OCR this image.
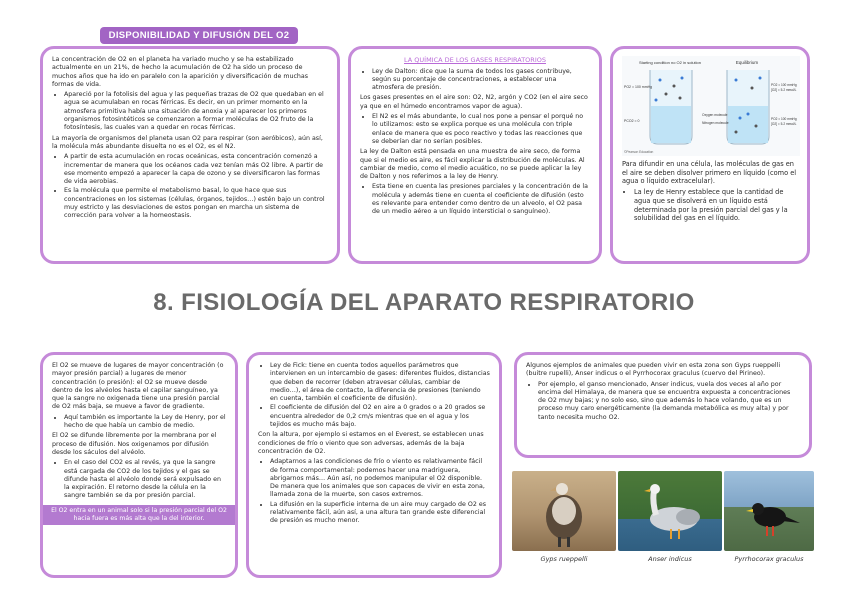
DISPONIBILIDAD Y DIFUSIÓN DEL O2

La concentración de O2 en el planeta ha variado mucho y se ha estabilizado actualmente en un 21%, de hecho la acumulación de O2 ha sido un proceso de muchos años que ha ido en paralelo con la aparición y diversificación de muchas formas de vida.

• Apareció por la fotolisis del agua y las pequeñas trazas de O2 que quedaban en el agua se acumulaban en rocas férricas. Es decir, en un primer momento en la atmosfera primitiva había una situación de anoxia y al aparecer los primeros organismos fotosintéticos se comenzaron a formar moléculas de O2 fruto de la fotosíntesis, las cuales van a quedar en rocas férricas.

La mayoría de organismos del planeta usan O2 para respirar (son aeróbicos), aún así, la molécula más abundante disuelta no es el O2, es el N2.

• A partir de esta acumulación en rocas oceánicas, esta concentración comenzó a incrementar de manera que los océanos cada vez tenían más O2 libre. A partir de ese momento empezó a aparecer la capa de ozono y se diversificaron las formas de vida aerobias.
• Es la molécula que permite el metabolismo basal, lo que hace que sus concentraciones en los sistemas (células, órganos, tejidos…) estén bajo un control muy estricto y las desviaciones de estos pongan en marcha un sistema de corrección para volver a la homeostasis.
LA QUÍMICA DE LOS GASES RESPIRATORIOS
• Ley de Dalton: dice que la suma de todos los gases contribuye, según su porcentaje de concentraciones, a establecer una atmosfera de presión.

Los gases presentes en el aire son: O2, N2, argón y CO2 (en el aire seco ya que en el húmedo encontramos vapor de agua).

• El N2 es el más abundante, lo cual nos pone a pensar el porqué no lo utilizamos: esto se explica porque es una molécula con triple enlace de manera que es poco reactivo y todas las reacciones que se deberían dar no serían posibles.

La ley de Dalton está pensada en una muestra de aire seco, de forma que si el medio es aire, es fácil explicar la distribución de moléculas. Al cambiar de medio, como el medio acuático, no se puede aplicar la ley de Dalton y nos referimos a la ley de Henry.

• Esta tiene en cuenta las presiones parciales y la concentración de la molécula y además tiene en cuenta el coeficiente de difusión (esto es relevante para entender como dentro de un alveolo, el O2 pasa de un medio aéreo a un líquido intersticial o sanguíneo).
Starting condition no O2 in solution	Equilibrium
PO2 = 100 mmHg
PCO2 = 0
PO2 = 100 mmHg
[O2] = 5.2 mmol/L
PO2 = 100 mmHg
[O2] = 5.2 mmol/L
Oxygen molecule
Nitrogen molecule
©Pearson Education

Para difundir en una célula, las moléculas de gas en el aire se deben disolver primero en líquido (como el agua o líquido extracelular).

• La ley de Henry establece que la cantidad de agua que se disolverá en un líquido está determinada por la presión parcial del gas y la solubilidad del gas en el líquido.
8. FISIOLOGÍA DEL APARATO RESPIRATORIO

El O2 se mueve de lugares de mayor concentración (o mayor presión parcial) a lugares de menor concentración (o presión): el O2 se mueve desde dentro de los alvéolos hasta el capilar sanguíneo, ya que la sangre no oxigenada tiene una presión parcial de O2 más baja, se mueve a favor de gradiente.

• Aquí también es importante la Ley de Henry, por el hecho de que había un cambio de medio.

El O2 se difunde libremente por la membrana por el proceso de difusión. Nos oxigenamos por difusión desde los sáculos del alvéolo.

• En el caso del CO2 es al revés, ya que la sangre está cargada de CO2 de los tejidos y el gas se difunde hasta el alvéolo donde será expulsado en la expiración. El retorno desde la célula en la sangre también se da por presión parcial.
El O2 entra en un animal solo si la presión parcial del O2 hacia fuera es más alta que la del interior.
• Ley de Fick: tiene en cuenta todos aquellos parámetros que intervienen en un intercambio de gases: diferentes fluidos, distancias que deben de recorrer (deben atravesar células, cambiar de medio…), el área de contacto, la diferencia de presiones (teniendo en cuenta, también el coeficiente de difusión).
• El coeficiente de difusión del O2 en aire a 0 grados o a 20 grados se encuentra alrededor de 0,2 cm/s mientras que en el agua y los tejidos es mucho más bajo.

Con la altura, por ejemplo si estamos en el Everest, se establecen unas condiciones de frío o viento que son adversas, además de la baja concentración de O2.

• Adaptarnos a las condiciones de frío o viento es relativamente fácil de forma comportamental: podemos hacer una madriguera, abrigarnos más… Aún así, no podemos manipular el O2 disponible. De manera que los animales que son capaces de vivir en esta zona, llamada zona de la muerte, son casos extremos.
• La difusión en la superficie interna de un aire muy cargado de O2 es relativamente fácil, aún así, a una altura tan grande este diferencial de presión es mucho menor.

Algunos ejemplos de animales que pueden vivir en esta zona son Gyps rueppelli (buitre rupelli), Anser indicus o el Pyrrhocorax graculus (cuervo del Pirineo).

• Por ejemplo, el ganso mencionado, Anser indicus, vuela dos veces al año por encima del Himalaya, de manera que se encuentra expuesta a concentraciones de O2 muy bajas; y no solo eso, sino que además lo hace volando, que es un proceso muy caro energéticamente (la demanda metabólica es muy alta) y por tanto necesita mucho O2.
Gyps rueppelli	Anser indicus	Pyrrhocorax graculus
